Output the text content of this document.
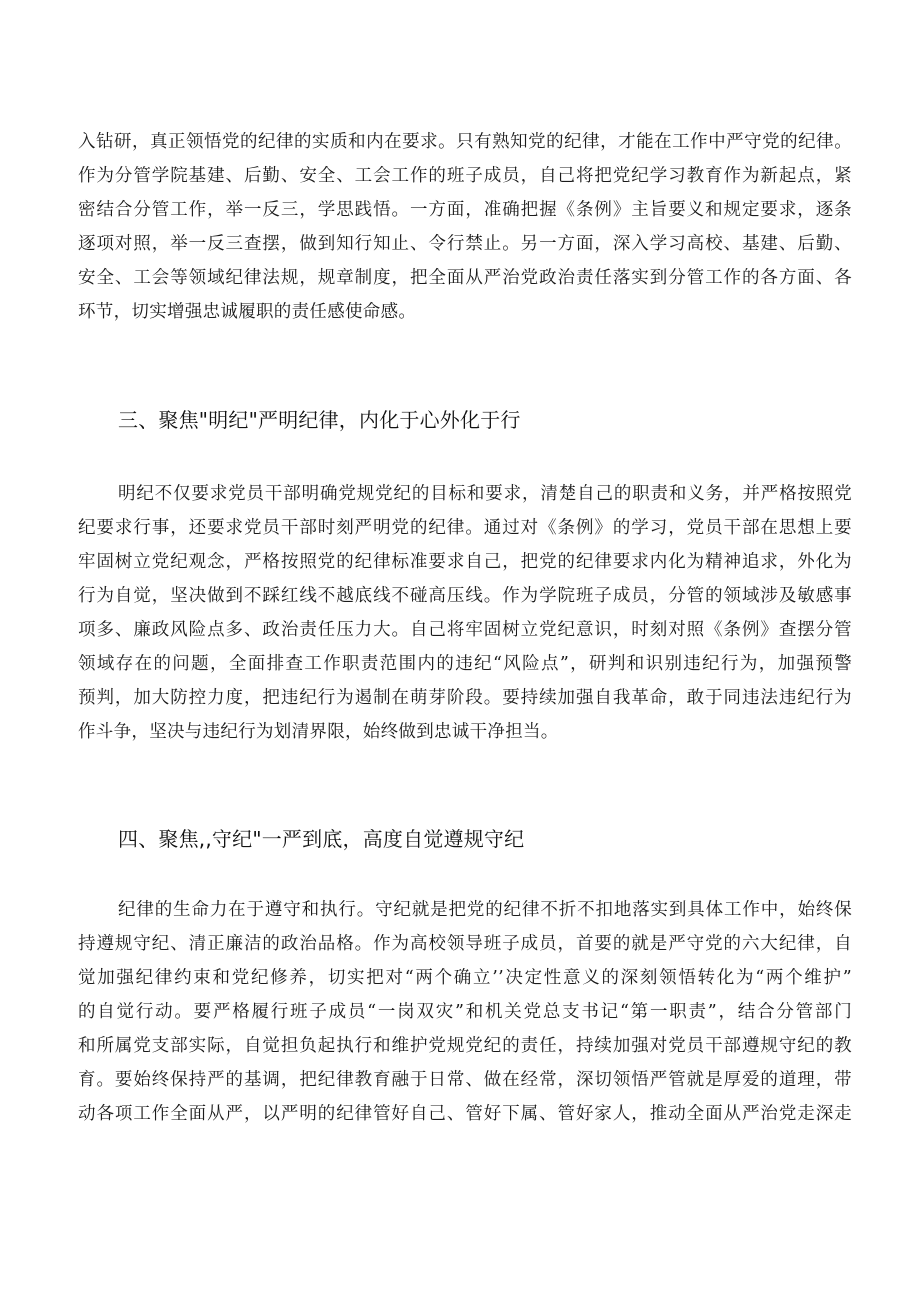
入钻研，真正领悟党的纪律的实质和内在要求。只有熟知党的纪律，才能在工作中严守党的纪律。
作为分管学院基建、后勤、安全、工会工作的班子成员，自己将把党纪学习教育作为新起点，紧
密结合分管工作，举一反三，学思践悟。一方面，准确把握《条例》主旨要义和规定要求，逐条
逐项对照，举一反三查摆，做到知行知止、令行禁止。另一方面，深入学习高校、基建、后勤、
安全、工会等领域纪律法规，规章制度，把全面从严治党政治责任落实到分管工作的各方面、各
环节，切实增强忠诚履职的责任感使命感。
三、聚焦"明纪"严明纪律，内化于心外化于行
明纪不仅要求党员干部明确党规党纪的目标和要求，清楚自己的职责和义务，并严格按照党
纪要求行事，还要求党员干部时刻严明党的纪律。通过对《条例》的学习，党员干部在思想上要
牢固树立党纪观念，严格按照党的纪律标准要求自己，把党的纪律要求内化为精神追求，外化为
行为自觉，坚决做到不踩红线不越底线不碰高压线。作为学院班子成员，分管的领域涉及敏感事
项多、廉政风险点多、政治责任压力大。自己将牢固树立党纪意识，时刻对照《条例》查摆分管
领域存在的问题，全面排查工作职责范围内的违纪“风险点”，研判和识别违纪行为，加强预警
预判，加大防控力度，把违纪行为遏制在萌芽阶段。要持续加强自我革命，敢于同违法违纪行为
作斗争，坚决与违纪行为划清界限，始终做到忠诚干净担当。
四、聚焦,,守纪"一严到底，高度自觉遵规守纪
纪律的生命力在于遵守和执行。守纪就是把党的纪律不折不扣地落实到具体工作中，始终保
持遵规守纪、清正廉洁的政治品格。作为高校领导班子成员，首要的就是严守党的六大纪律，自
觉加强纪律约束和党纪修养，切实把对“两个确立’’决定性意义的深刻领悟转化为“两个维护”
的自觉行动。要严格履行班子成员“一岗双灾”和机关党总支书记“第一职责”，结合分管部门
和所属党支部实际，自觉担负起执行和维护党规党纪的责任，持续加强对党员干部遵规守纪的教
育。要始终保持严的基调，把纪律教育融于日常、做在经常，深切领悟严管就是厚爱的道理，带
动各项工作全面从严，以严明的纪律管好自己、管好下属、管好家人，推动全面从严治党走深走
